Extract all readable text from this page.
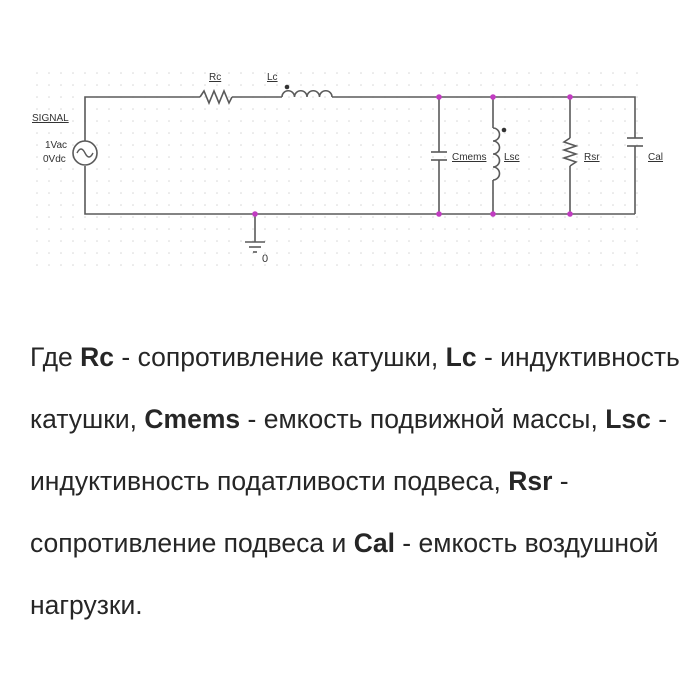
SIGNAL
1Vac
0Vdc
Rc	Lc
Cmems Lsc	Rsr	Cal
0

Где Rc - сопротивление катушки, Lc - индуктивность катушки, Cmems - емкость подвижной массы, Lsc - индуктивность податливости подвеса, Rsr - сопротивление подвеса и Cal - емкость воздушной нагрузки.
